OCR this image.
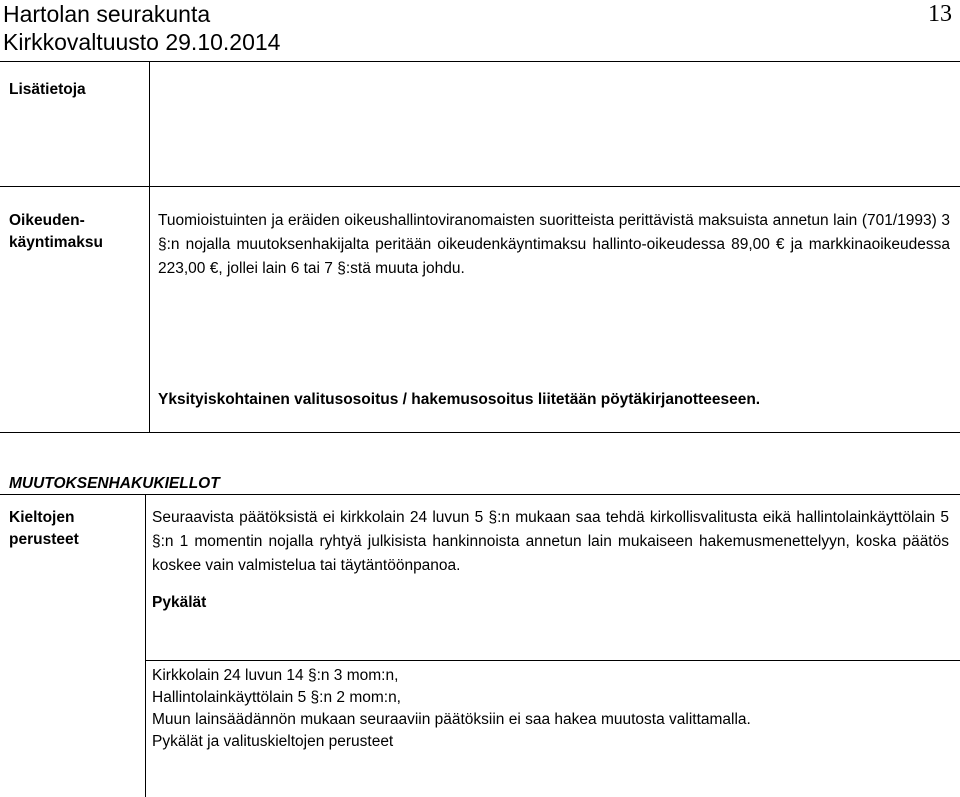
Hartolan seurakunta
Kirkkovaltuusto 29.10.2014
13
Lisätietoja
Oikeuden-
käyntimaksu
Tuomioistuinten ja eräiden oikeushallintoviranomaisten suoritteista perittävistä maksuista annetun lain (701/1993) 3 §:n nojalla muutoksenhakijalta peritään oikeudenkäyntimaksu hallinto-oikeudessa 89,00 € ja markkinaoikeudessa 223,00 €, jollei lain 6 tai 7 §:stä muuta johdu.
Yksityiskohtainen valitusosoitus / hakemusosoitus liitetään pöytäkirjanotteeseen.
MUUTOKSENHAKUKIELLOT
Kieltojen
perusteet
Seuraavista päätöksistä ei kirkkolain 24 luvun 5 §:n mukaan saa tehdä kirkollisvalitusta eikä hallintolainkäyttölain 5 §:n 1 momentin nojalla ryhtyä julkisista hankinnoista annetun lain mukaiseen hakemusmenettelyyn, koska päätös koskee vain valmistelua tai täytäntöönpanoa.
Pykälät
Kirkkolain 24 luvun 14 §:n 3 mom:n,
Hallintolainkäyttölain 5 §:n 2 mom:n,
Muun lainsäädännön mukaan seuraaviin päätöksiin ei saa hakea muutosta valittamalla.
Pykälät ja valituskieltojen perusteet
